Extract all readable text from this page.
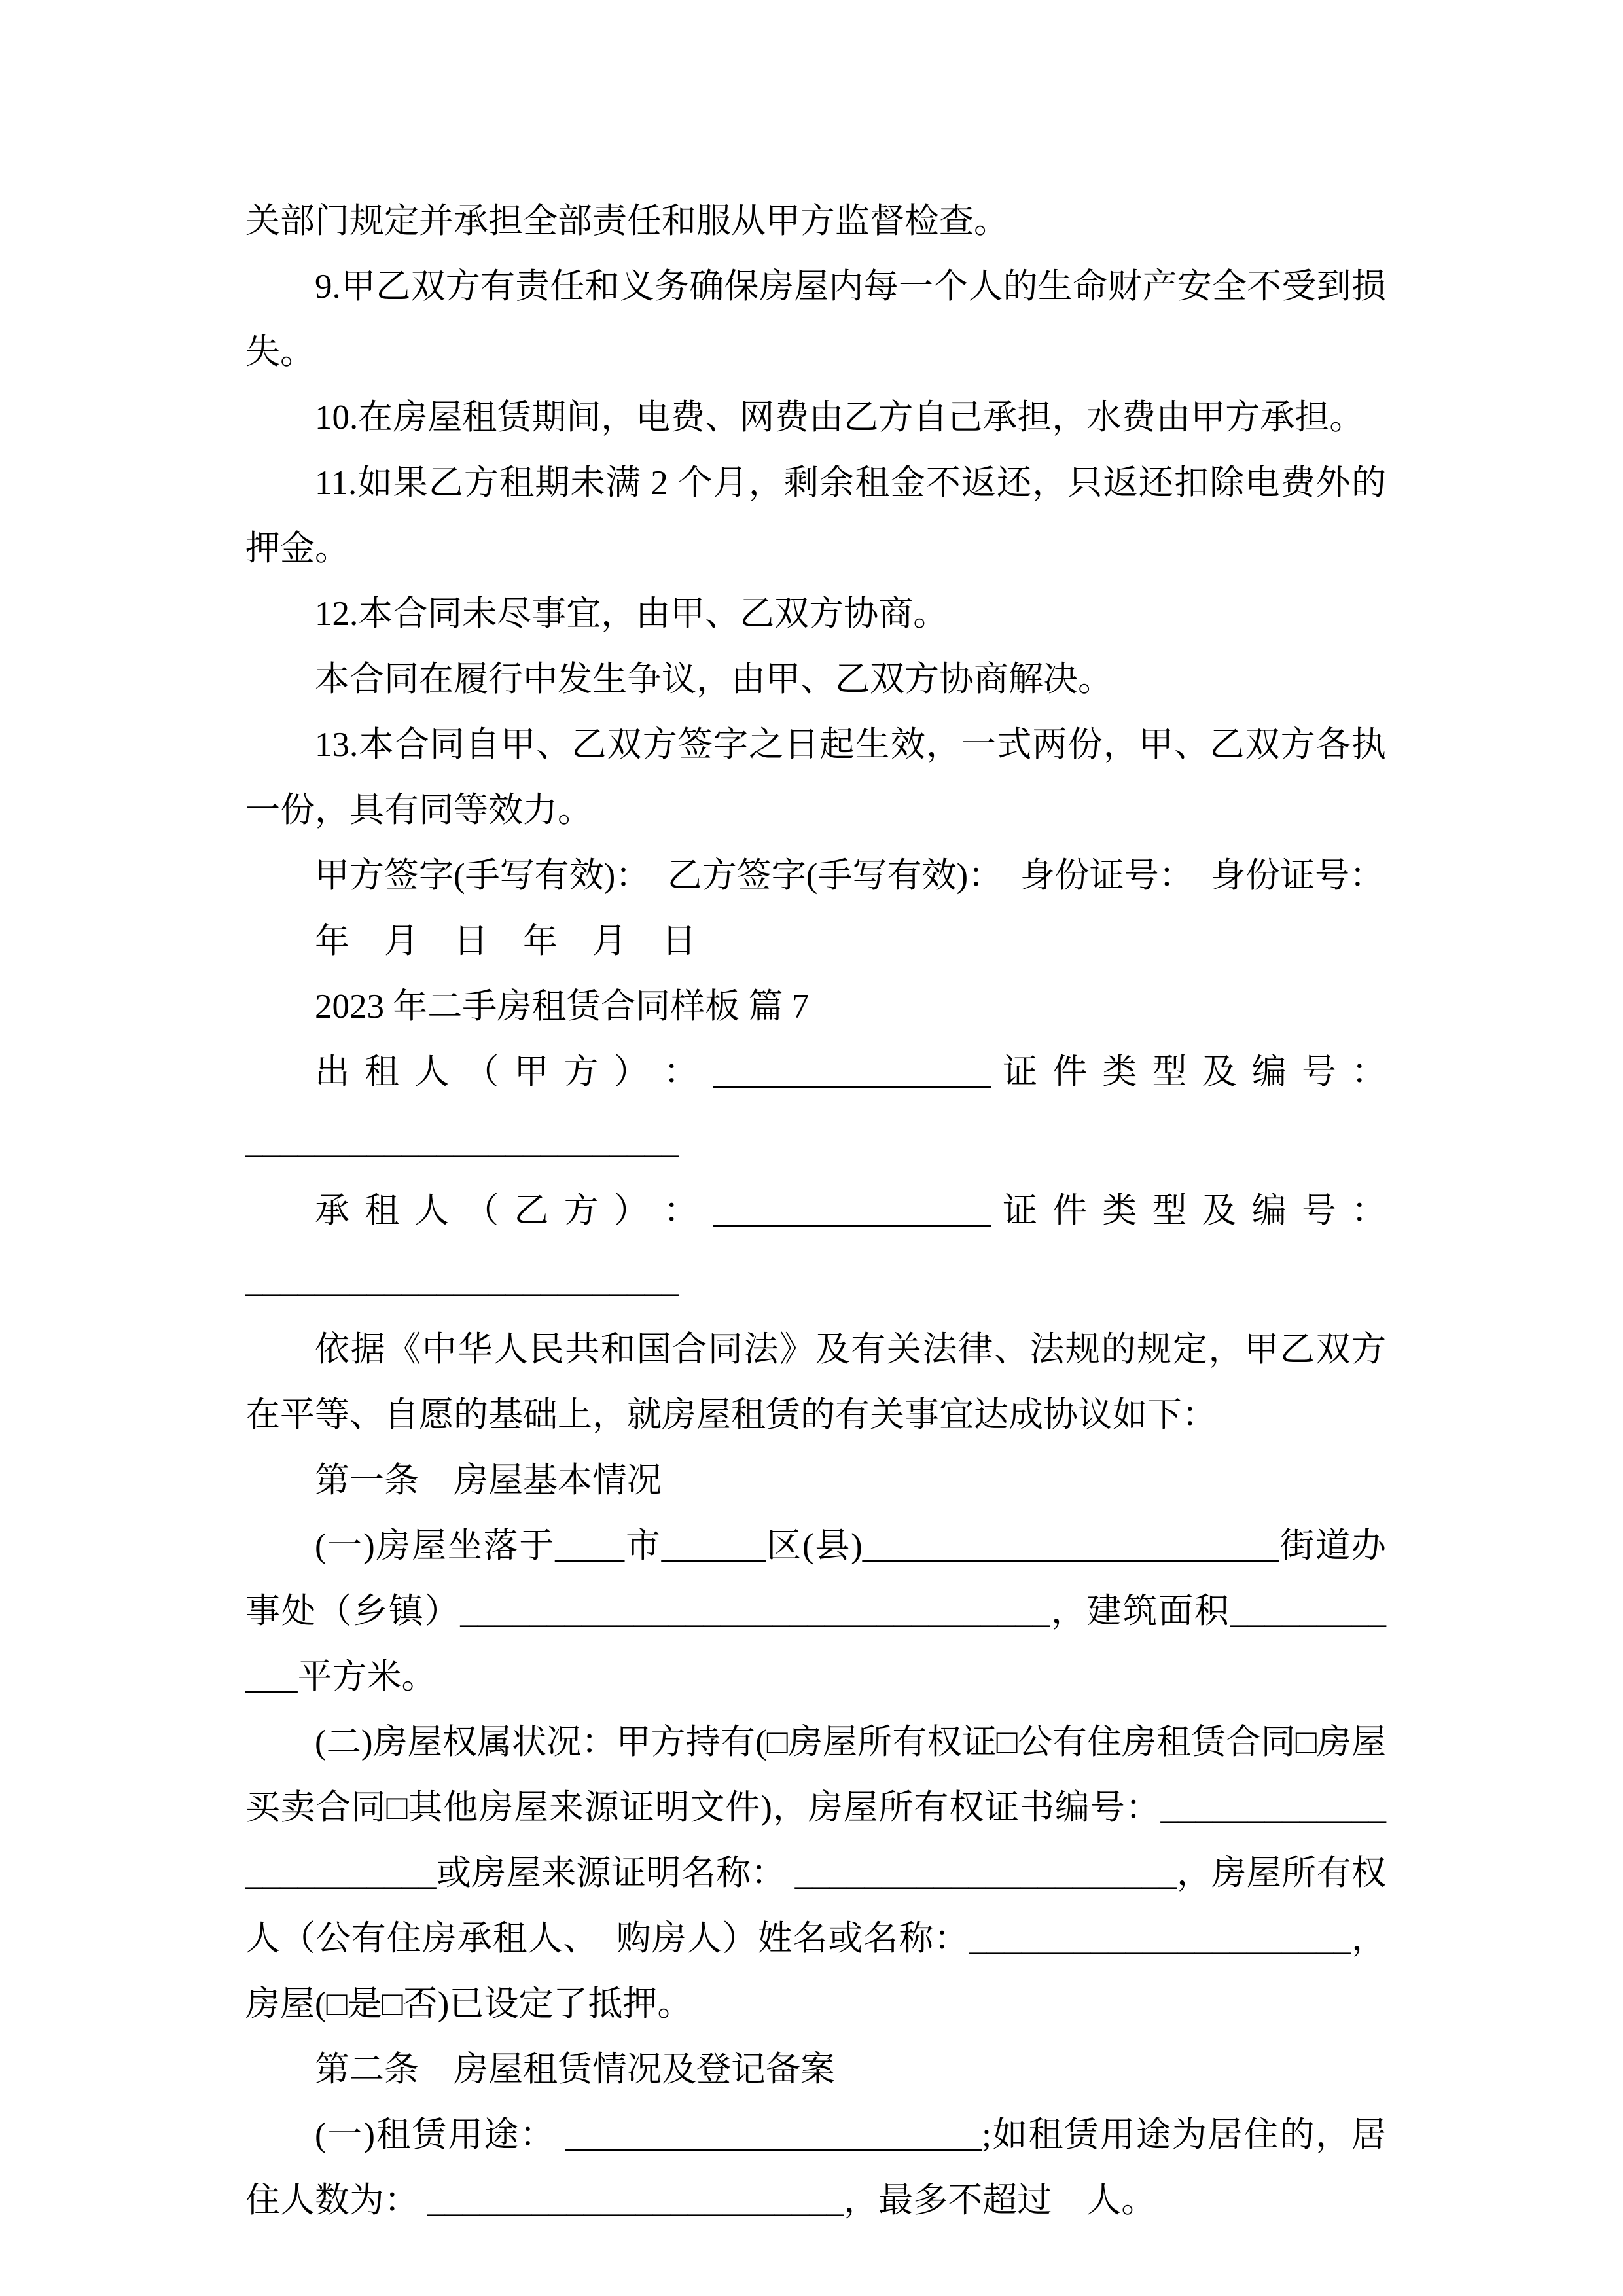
关部门规定并承担全部责任和服从甲方监督检查。
9.甲乙双方有责任和义务确保房屋内每一个人的生命财产安全不受到损失。
10.在房屋租赁期间，电费、网费由乙方自己承担，水费由甲方承担。
11.如果乙方租期未满 2 个月，剩余租金不返还，只返还扣除电费外的押金。
12.本合同未尽事宜，由甲、乙双方协商。
本合同在履行中发生争议，由甲、乙双方协商解决。
13.本合同自甲、乙双方签字之日起生效，一式两份，甲、乙双方各执一份，具有同等效力。
甲方签字(手写有效)：　乙方签字(手写有效)：　身份证号：　身份证号：
年　月　日　年　月　日
2023 年二手房租赁合同样板 篇 7
出 租 人 （ 甲 方 ） ： ________________ 证 件 类 型 及 编 号 ：
_________________________
承 租 人 （ 乙 方 ） ： ________________ 证 件 类 型 及 编 号 ：
_________________________
依据《中华人民共和国合同法》及有关法律、法规的规定，甲乙双方在平等、自愿的基础上，就房屋租赁的有关事宜达成协议如下：
第一条　房屋基本情况
(一)房屋坐落于____市______区(县)________________________街道办事处（乡镇）__________________________________，建筑面积____________平方米。
(二)房屋权属状况：甲方持有(□房屋所有权证□公有住房租赁合同□房屋买卖合同□其他房屋来源证明文件)，房屋所有权证书编号：________________________或房屋来源证明名称： ______________________，房屋所有权人（公有住房承租人、　购房人）姓名或名称：______________________，房屋(□是□否)已设定了抵押。
第二条　房屋租赁情况及登记备案
(一)租赁用途： ________________________;如租赁用途为居住的，居住人数为： ________________________，最多不超过　人。
